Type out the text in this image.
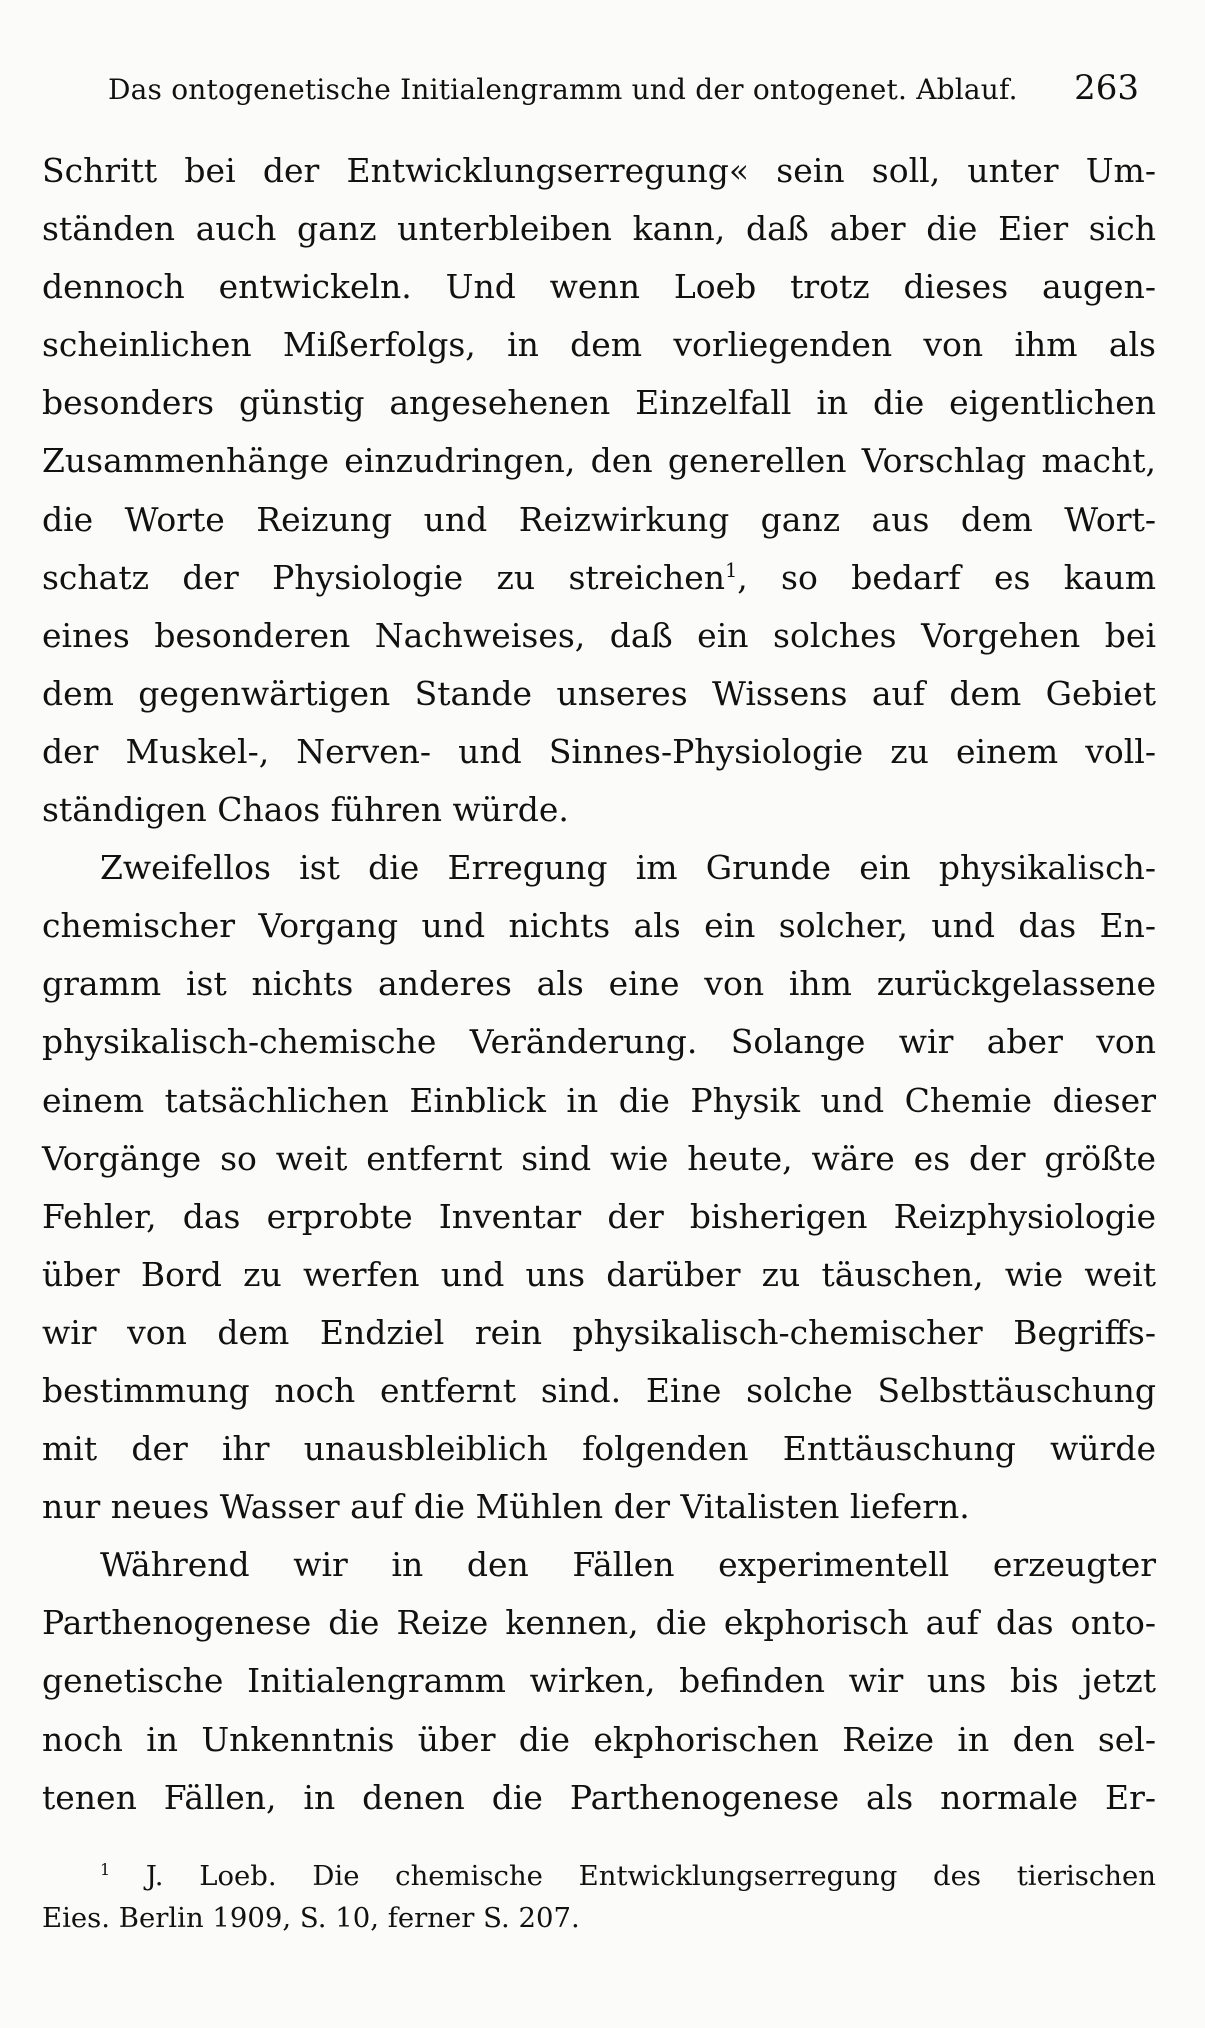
Das ontogenetische Initialengramm und der ontogenet. Ablauf. 263
Schritt bei der Entwicklungserregung« sein soll, unter Um-
ständen auch ganz unterbleiben kann, daß aber die Eier sich
dennoch entwickeln. Und wenn Loeb trotz dieses augen-
scheinlichen Mißerfolgs, in dem vorliegenden von ihm als
besonders günstig angesehenen Einzelfall in die eigentlichen
Zusammenhänge einzudringen, den generellen Vorschlag macht,
die Worte Reizung und Reizwirkung ganz aus dem Wort-
schatz der Physiologie zu streichen$^1$, so bedarf es kaum
eines besonderen Nachweises, daß ein solches Vorgehen bei
dem gegenwärtigen Stande unseres Wissens auf dem Gebiet
der Muskel-, Nerven- und Sinnes-Physiologie zu einem voll-
ständigen Chaos führen würde.
Zweifellos ist die Erregung im Grunde ein physikalisch-
chemischer Vorgang und nichts als ein solcher, und das En-
gramm ist nichts anderes als eine von ihm zurückgelassene
physikalisch-chemische Veränderung. Solange wir aber von
einem tatsächlichen Einblick in die Physik und Chemie dieser
Vorgänge so weit entfernt sind wie heute, wäre es der größte
Fehler, das erprobte Inventar der bisherigen Reizphysiologie
über Bord zu werfen und uns darüber zu täuschen, wie weit
wir von dem Endziel rein physikalisch-chemischer Begriffs-
bestimmung noch entfernt sind. Eine solche Selbsttäuschung
mit der ihr unausbleiblich folgenden Enttäuschung würde
nur neues Wasser auf die Mühlen der Vitalisten liefern.
Während wir in den Fällen experimentell erzeugter
Parthenogenese die Reize kennen, die ekphorisch auf das onto-
genetische Initialengramm wirken, befinden wir uns bis jetzt
noch in Unkenntnis über die ekphorischen Reize in den sel-
tenen Fällen, in denen die Parthenogenese als normale Er-
$^1$ J. Loeb. Die chemische Entwicklungserregung des tierischen
Eies. Berlin 1909, S. 10, ferner S. 207.
